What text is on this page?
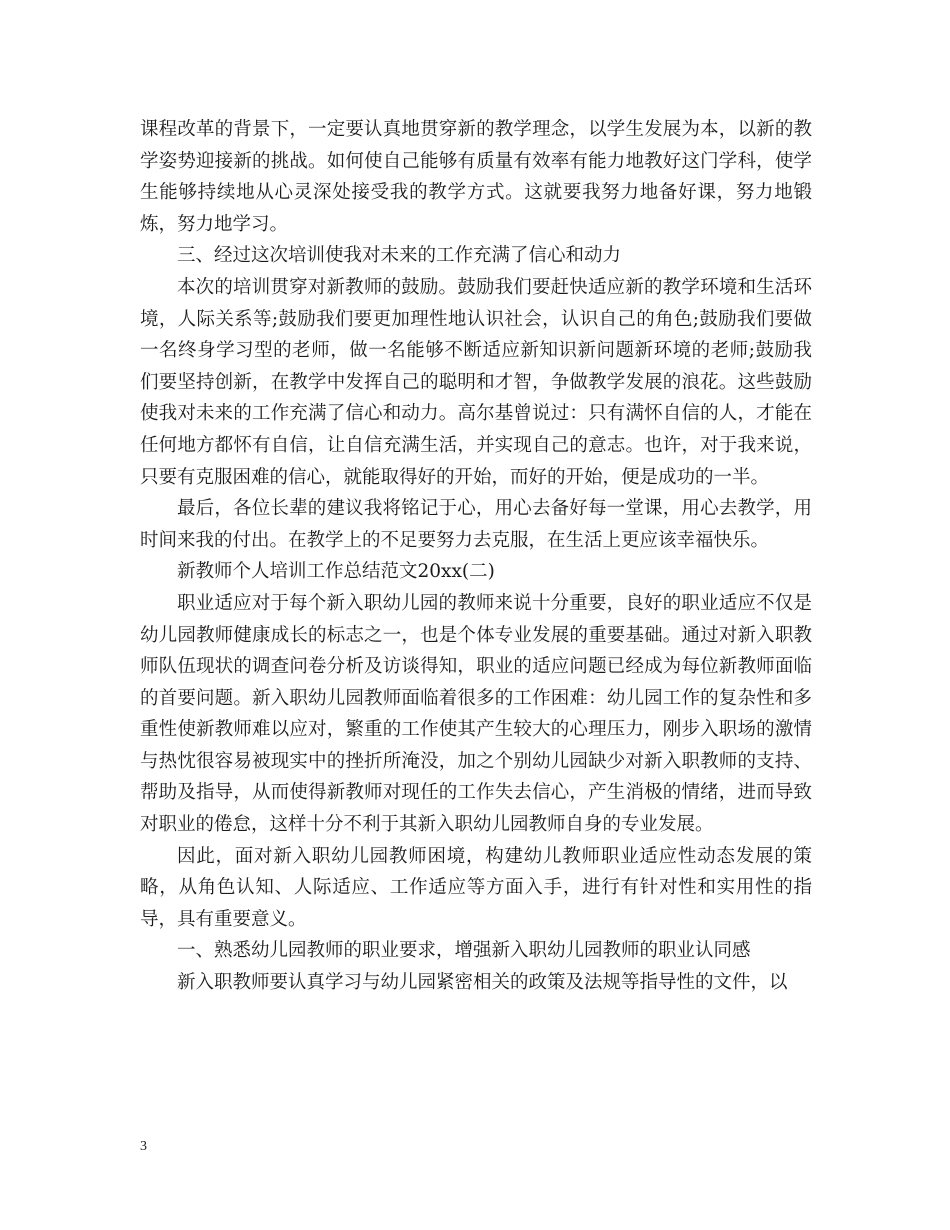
课程改革的背景下，一定要认真地贯穿新的教学理念，以学生发展为本，以新的教学姿势迎接新的挑战。如何使自己能够有质量有效率有能力地教好这门学科，使学生能够持续地从心灵深处接受我的教学方式。这就要我努力地备好课，努力地锻炼，努力地学习。

三、经过这次培训使我对未来的工作充满了信心和动力

本次的培训贯穿对新教师的鼓励。鼓励我们要赶快适应新的教学环境和生活环境，人际关系等;鼓励我们要更加理性地认识社会，认识自己的角色;鼓励我们要做一名终身学习型的老师，做一名能够不断适应新知识新问题新环境的老师;鼓励我们要坚持创新，在教学中发挥自己的聪明和才智，争做教学发展的浪花。这些鼓励使我对未来的工作充满了信心和动力。高尔基曾说过：只有满怀自信的人，才能在任何地方都怀有自信，让自信充满生活，并实现自己的意志。也许，对于我来说，只要有克服困难的信心，就能取得好的开始，而好的开始，便是成功的一半。

最后，各位长辈的建议我将铭记于心，用心去备好每一堂课，用心去教学，用时间来我的付出。在教学上的不足要努力去克服，在生活上更应该幸福快乐。

新教师个人培训工作总结范文20xx(二)

职业适应对于每个新入职幼儿园的教师来说十分重要，良好的职业适应不仅是幼儿园教师健康成长的标志之一，也是个体专业发展的重要基础。通过对新入职教师队伍现状的调查问卷分析及访谈得知，职业的适应问题已经成为每位新教师面临的首要问题。新入职幼儿园教师面临着很多的工作困难：幼儿园工作的复杂性和多重性使新教师难以应对，繁重的工作使其产生较大的心理压力，刚步入职场的激情与热忱很容易被现实中的挫折所淹没，加之个别幼儿园缺少对新入职教师的支持、帮助及指导，从而使得新教师对现任的工作失去信心，产生消极的情绪，进而导致对职业的倦怠，这样十分不利于其新入职幼儿园教师自身的专业发展。

因此，面对新入职幼儿园教师困境，构建幼儿教师职业适应性动态发展的策略，从角色认知、人际适应、工作适应等方面入手，进行有针对性和实用性的指导，具有重要意义。

一、熟悉幼儿园教师的职业要求，增强新入职幼儿园教师的职业认同感

新入职教师要认真学习与幼儿园紧密相关的政策及法规等指导性的文件，以

3
